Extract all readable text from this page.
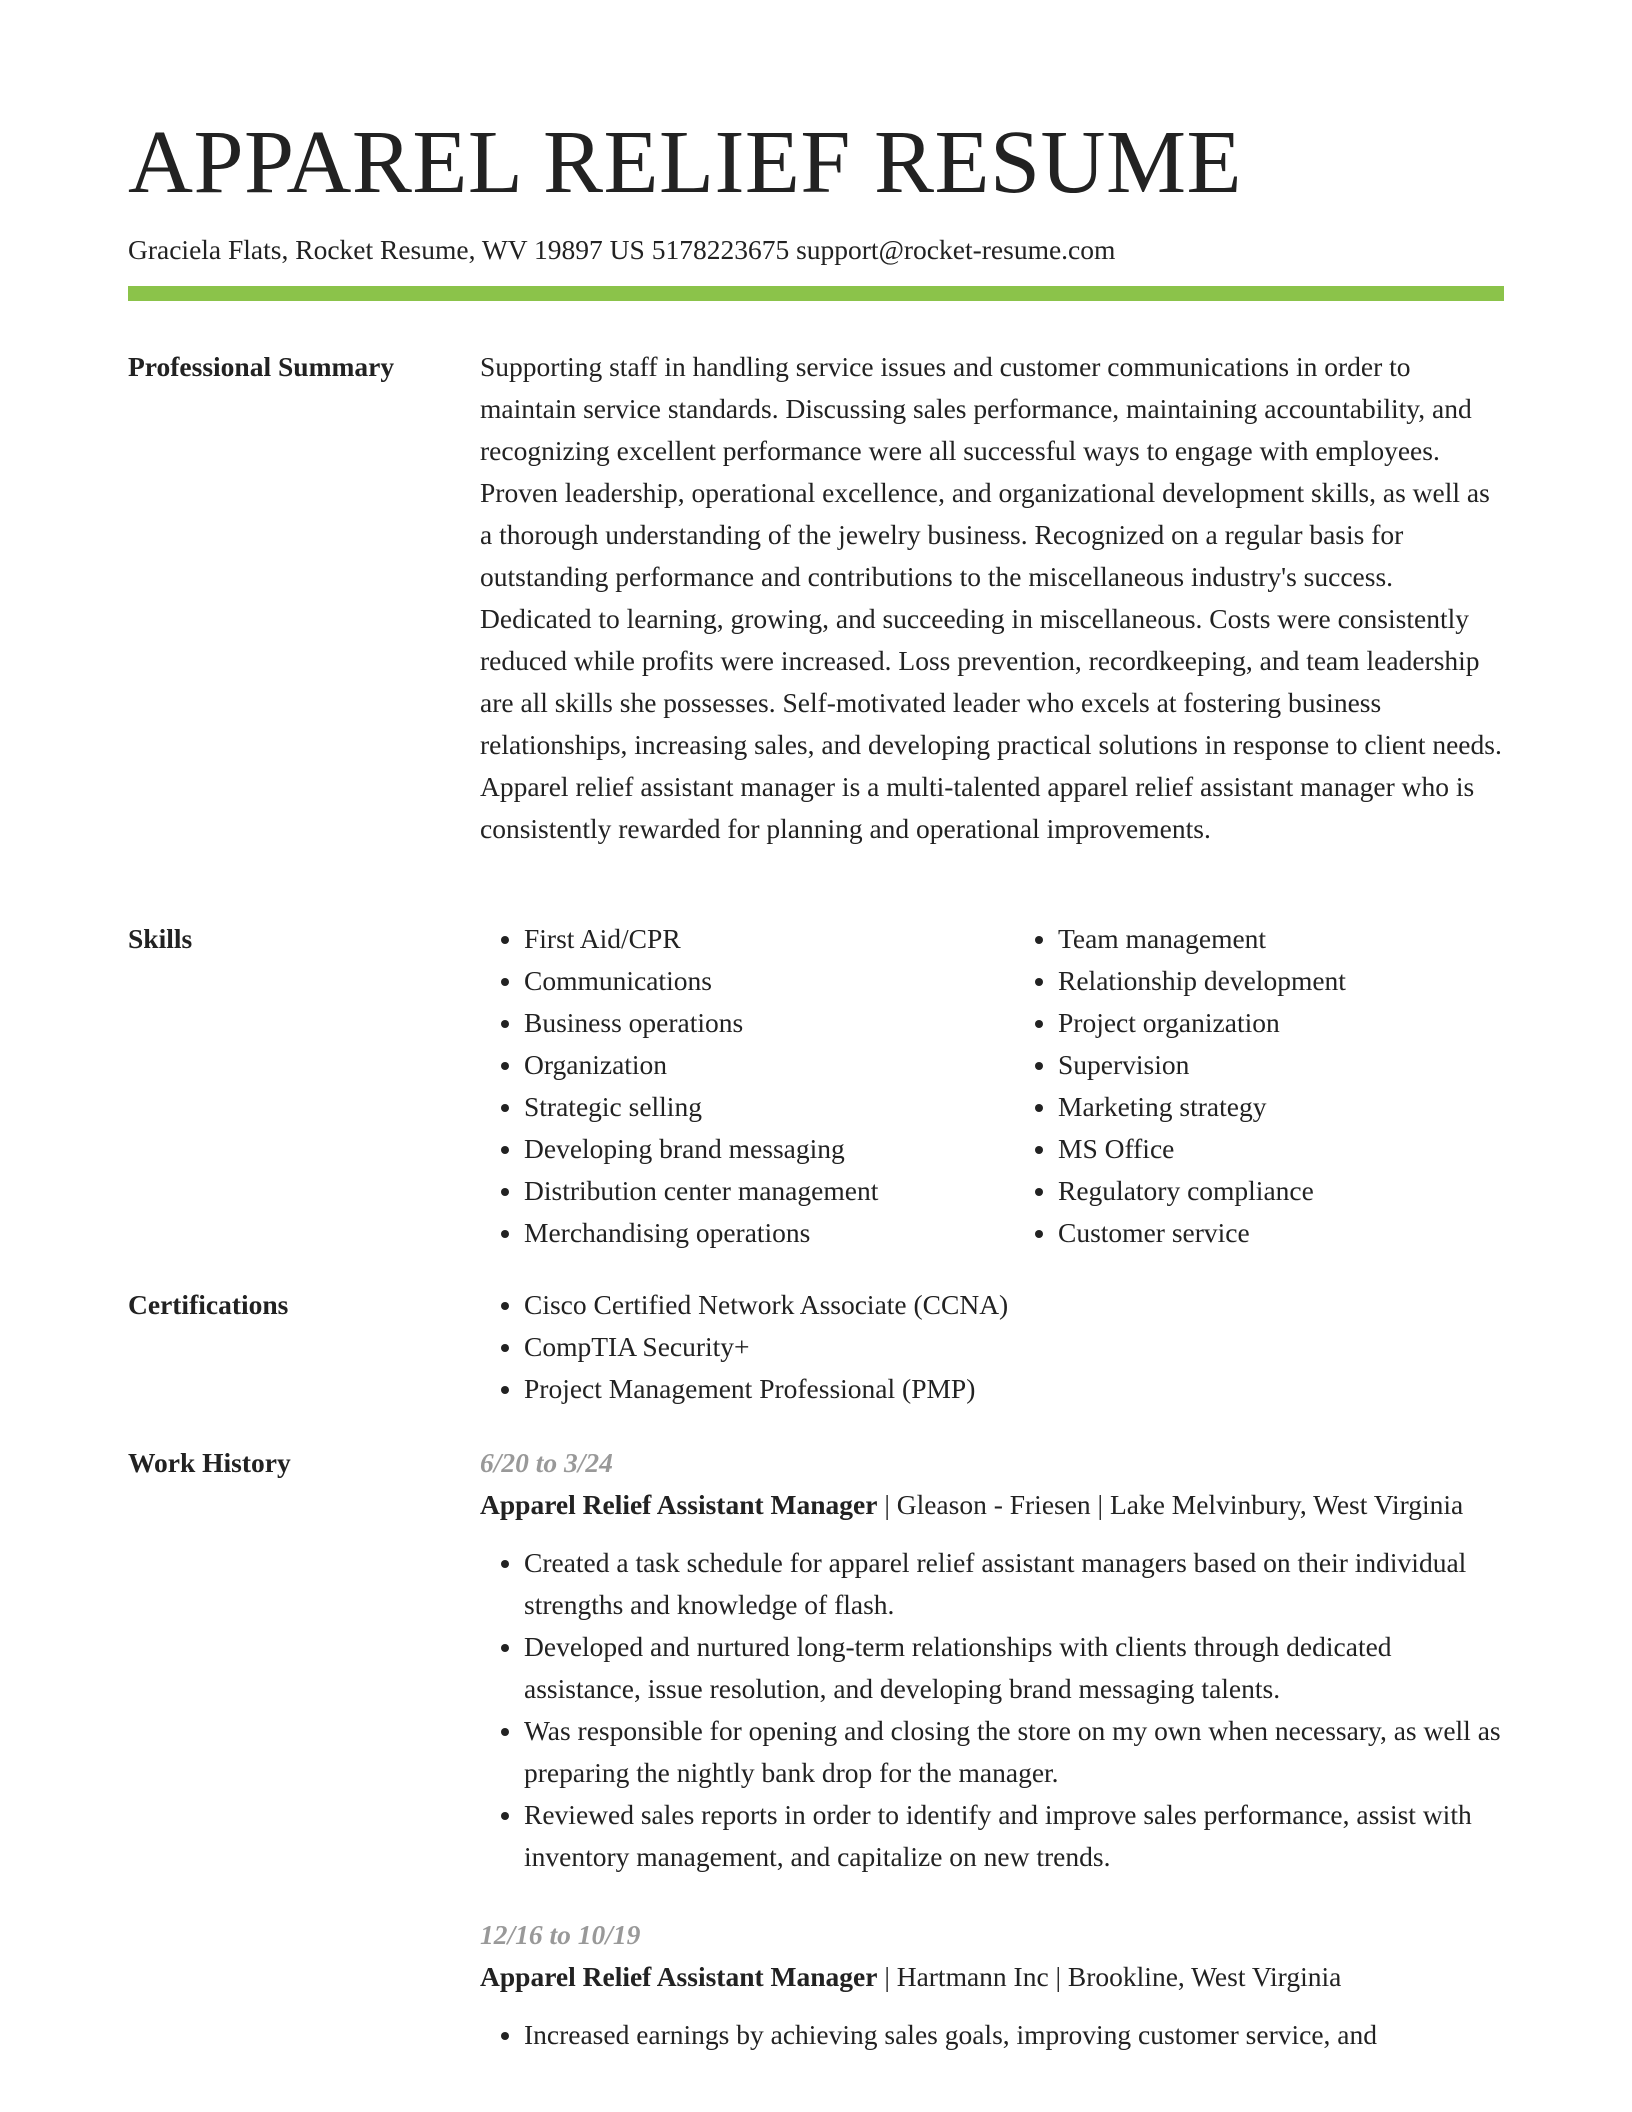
APPAREL RELIEF RESUME
Graciela Flats, Rocket Resume, WV 19897 US 5178223675 support@rocket-resume.com
Professional Summary	Supporting staff in handling service issues and customer communications in order to maintain service standards. Discussing sales performance, maintaining accountability, and recognizing excellent performance were all successful ways to engage with employees. Proven leadership, operational excellence, and organizational development skills, as well as a thorough understanding of the jewelry business. Recognized on a regular basis for outstanding performance and contributions to the miscellaneous industry's success. Dedicated to learning, growing, and succeeding in miscellaneous. Costs were consistently reduced while profits were increased. Loss prevention, recordkeeping, and team leadership are all skills she possesses. Self-motivated leader who excels at fostering business relationships, increasing sales, and developing practical solutions in response to client needs. Apparel relief assistant manager is a multi-talented apparel relief assistant manager who is consistently rewarded for planning and operational improvements.

Skills	• First Aid/CPR
• Communications
• Business operations
• Organization
• Strategic selling
• Developing brand messaging
• Distribution center management
• Merchandising operations
• Team management
• Relationship development
• Project organization
• Supervision
• Marketing strategy
• MS Office
• Regulatory compliance
• Customer service
Certifications	• Cisco Certified Network Associate (CCNA)
• CompTIA Security+
• Project Management Professional (PMP)
Work History	6/20 to 3/24
Apparel Relief Assistant Manager | Gleason - Friesen | Lake Melvinbury, West Virginia
• Created a task schedule for apparel relief assistant managers based on their individual strengths and knowledge of flash.
• Developed and nurtured long-term relationships with clients through dedicated assistance, issue resolution, and developing brand messaging talents.
• Was responsible for opening and closing the store on my own when necessary, as well as preparing the nightly bank drop for the manager.
• Reviewed sales reports in order to identify and improve sales performance, assist with inventory management, and capitalize on new trends.
12/16 to 10/19
Apparel Relief Assistant Manager | Hartmann Inc | Brookline, West Virginia
• Increased earnings by achieving sales goals, improving customer service, and
